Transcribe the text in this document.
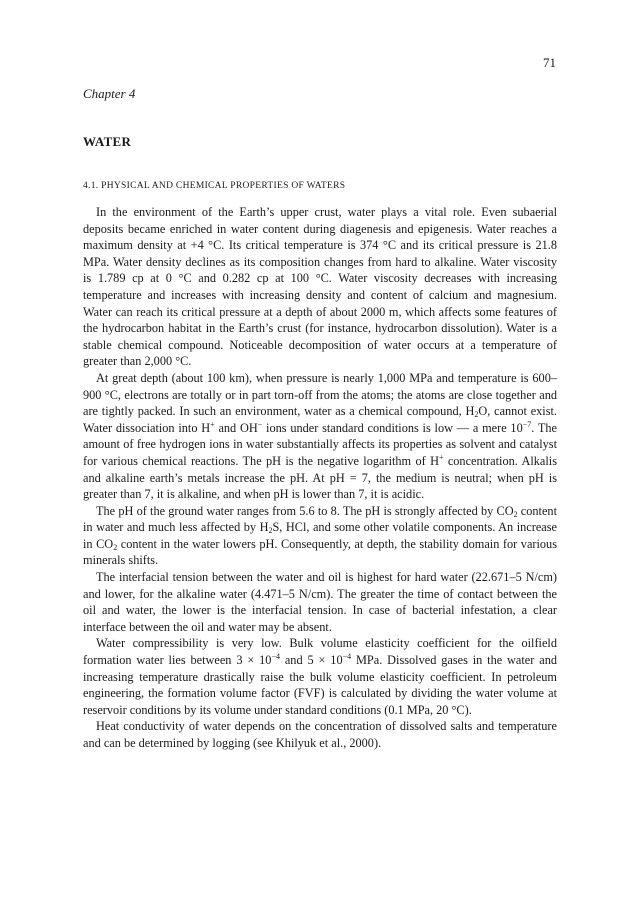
71
Chapter 4
WATER
4.1. PHYSICAL AND CHEMICAL PROPERTIES OF WATERS

In the environment of the Earth’s upper crust, water plays a vital role. Even subaerial deposits became enriched in water content during diagenesis and epigenesis. Water reaches a maximum density at +4 °C. Its critical temperature is 374 °C and its critical pressure is 21.8 MPa. Water density declines as its composition changes from hard to alkaline. Water viscosity is 1.789 cp at 0 °C and 0.282 cp at 100 °C. Water viscosity decreases with increasing temperature and increases with increasing density and content of calcium and magnesium. Water can reach its critical pressure at a depth of about 2000 m, which affects some features of the hydrocarbon habitat in the Earth’s crust (for instance, hydrocarbon dissolution). Water is a stable chemical compound. Noticeable decomposition of water occurs at a temperature of greater than 2,000 °C.

At great depth (about 100 km), when pressure is nearly 1,000 MPa and temperature is 600–900 °C, electrons are totally or in part torn-off from the atoms; the atoms are close together and are tightly packed. In such an environment, water as a chemical compound, $H_2O$, cannot exist. Water dissociation into H+ and OH− ions under standard conditions is low — a mere $10^{-7}$. The amount of free hydrogen ions in water substantially affects its properties as solvent and catalyst for various chemical reactions. The pH is the negative logarithm of H+ concentration. Alkalis and alkaline earth’s metals increase the pH. At pH = 7, the medium is neutral; when pH is greater than 7, it is alkaline, and when pH is lower than 7, it is acidic.

The pH of the ground water ranges from 5.6 to 8. The pH is strongly affected by $CO_2$ content in water and much less affected by $H_2S$, HCl, and some other volatile components. An increase in $CO_2$ content in the water lowers pH. Consequently, at depth, the stability domain for various minerals shifts.

The interfacial tension between the water and oil is highest for hard water (22.671–5 N/cm) and lower, for the alkaline water (4.471–5 N/cm). The greater the time of contact between the oil and water, the lower is the interfacial tension. In case of bacterial infestation, a clear interface between the oil and water may be absent.

Water compressibility is very low. Bulk volume elasticity coefficient for the oilfield formation water lies between $3 \times 10^{-4}$ and $5 \times 10^{-4}$ MPa. Dissolved gases in the water and increasing temperature drastically raise the bulk volume elasticity coefficient. In petroleum engineering, the formation volume factor (FVF) is calculated by dividing the water volume at reservoir conditions by its volume under standard conditions (0.1 MPa, 20 °C).

Heat conductivity of water depends on the concentration of dissolved salts and temperature and can be determined by logging (see Khilyuk et al., 2000).
